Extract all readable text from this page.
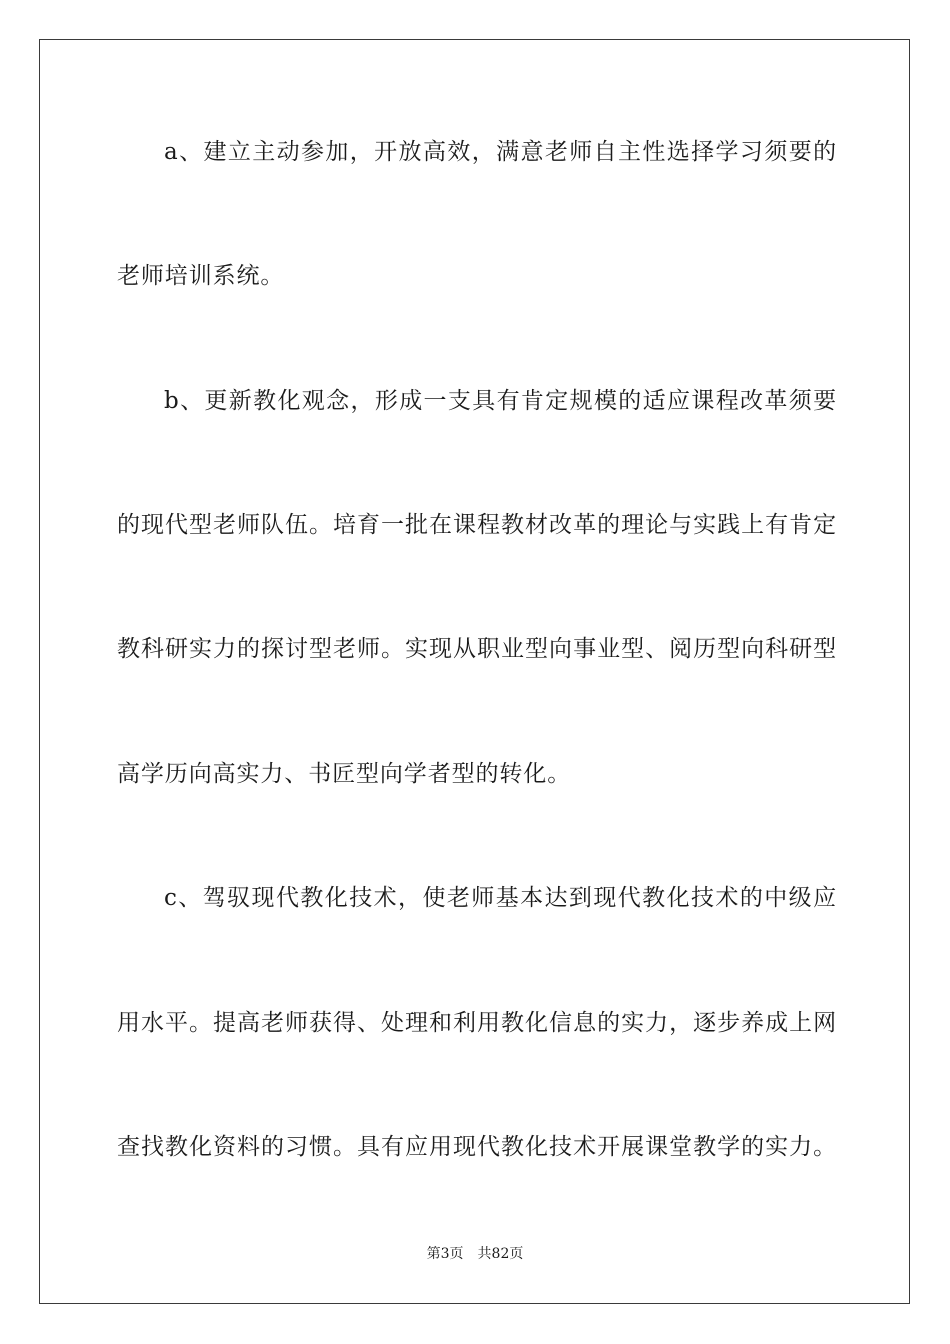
a、建立主动参加，开放高效，满意老师自主性选择学习须要的
老师培训系统。
b、更新教化观念，形成一支具有肯定规模的适应课程改革须要
的现代型老师队伍。培育一批在课程教材改革的理论与实践上有肯定
教科研实力的探讨型老师。实现从职业型向事业型、阅历型向科研型
高学历向高实力、书匠型向学者型的转化。
c、驾驭现代教化技术，使老师基本达到现代教化技术的中级应
用水平。提高老师获得、处理和利用教化信息的实力，逐步养成上网
查找教化资料的习惯。具有应用现代教化技术开展课堂教学的实力。
第3页 共82页
